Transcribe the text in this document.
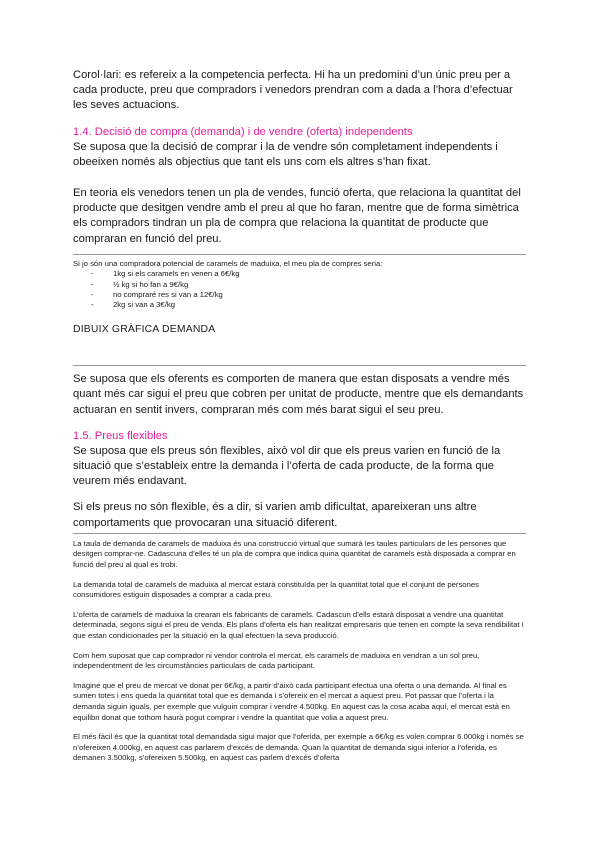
Corol·lari: es refereix a la competencia perfecta. Hi ha un predomini d’un únic preu per a cada producte, preu que compradors i venedors prendran com a dada a l’hora d’efectuar les seves actuacions.

1.4. Decisió de compra (demanda) i de vendre (oferta) independents

Se suposa que la decisió de comprar i la de vendre són completament independents i obeeixen només als objectius que tant els uns com els altres s’han fixat.

En teoria els venedors tenen un pla de vendes, funció oferta, que relaciona la quantitat del producte que desitgen vendre amb el preu al que ho faran, mentre que de forma simètrica els compradors tindran un pla de compra que relaciona la quantitat de producte que compraran en funció del preu.

Si jo són una compradora potencial de caramels de maduixa, el meu pla de compres seria:

-	1kg si els caramels en venen a 6€/kg
-	½ kg si ho fan a 9€/kg
-	no compraré res si van a 12€/kg
-	2kg si van a 3€/kg

DIBUIX GRÀFICA DEMANDA

Se suposa que els oferents es comporten de manera que estan disposats a vendre més quant més car sigui el preu que cobren per unitat de producte, mentre que els demandants actuaran en sentit invers, compraran més com més barat sigui el seu preu.

1.5. Preus flexibles

Se suposa que els preus són flexibles, això vol dir que els preus varien en funció de la situació que s’estableix entre la demanda i l’oferta de cada producte, de la forma que veurem més endavant.

Si els preus no són flexible, és a dir, si varien amb dificultat, apareixeran uns altre comportaments que provocaran una situació diferent.

La taula de demanda de caramels de maduixa és una construcció virtual que sumarà les taules particulars de les persones que desitgen comprar-ne. Cadascuna d’elles té un pla de compra que indica quina quantitat de caramels està disposada a comprar en funció del preu al qual es trobi.

La demanda total de caramels de maduixa al mercat estarà constituïda per la quantitat total que el conjunt de persones consumidores estiguin disposades a comprar a cada preu.

L’oferta de caramels de maduixa la crearan els fabricants de caramels. Cadascun d’ells estarà disposat a vendre una quantitat determinada, segons sigui el preu de venda. Els plans d’oferta els han realitzat empresaris que tenen en compte la seva rendibilitat i que estan condicionades per la situació en la qual efectuen la seva producció.

Com hem suposat que cap comprador ni vendor controla el mercat, els caramels de maduixa en vendran a un sol preu, independentment de les circumstàncies particulars de cada participant.

Imagine que el preu de mercat ve donat per 6€/kg, a partir d’això cada participant efectua una oferta o una demanda. Al final es sumen totes i ens queda la quantitat total que es demanda i s’ofereix en el mercat a aquest preu. Pot passar que l’oferta i la demanda siguin iguals, per exemple que vulguin comprar i vendre 4.500kg. En aquest cas la cosa acaba aquí, el mercat està en equilibri donat que tothom haurà pogut comprar i vendre la quantitat que volia a aquest preu.

El més fàcil és que la quantitat total demandada sigui major que l’oferida, per exemple a 6€/kg es volen comprar 6.000kg i només se n’ofereixen 4.000kg, en aquest cas parlarem d’excés de demanda. Quan la quantitat de demanda sigui inferior a l’oferida, es demanen 3.500kg, s’ofereixen 5.500kg, en aquest cas parlem d’excés d’oferta
